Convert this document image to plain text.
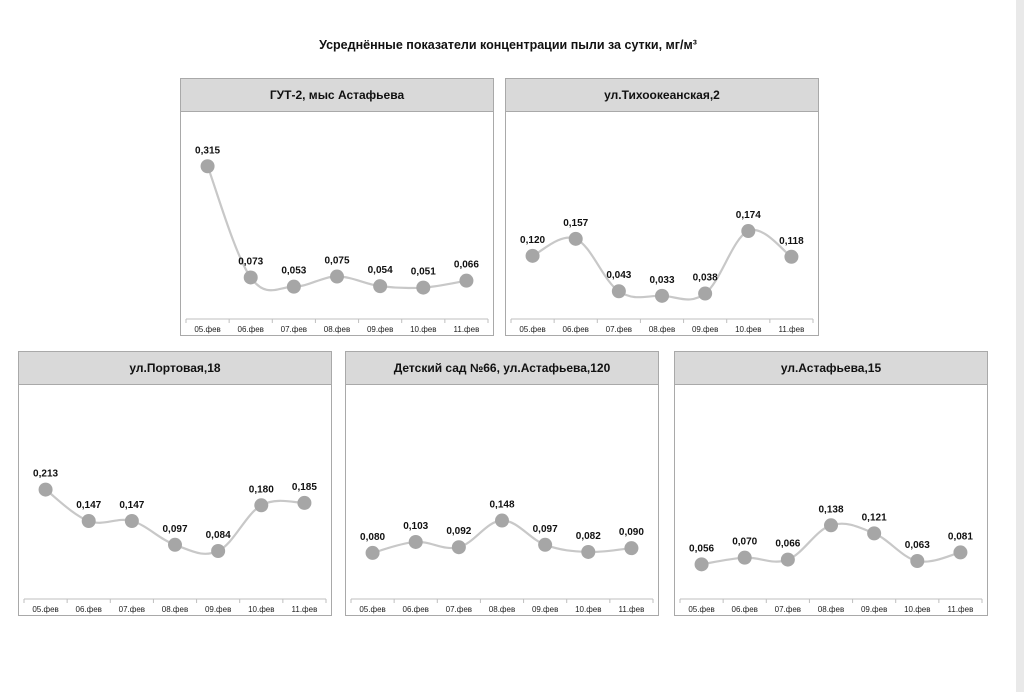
Усреднённые показатели концентрации пыли за сутки, мг/м³
ГУТ-2, мыс Астафьева
0,315
05.фев
0,073
06.фев
0,053
07.фев
0,075
08.фев
0,054
09.фев
0,051
10.фев
0,066
11.фев
ул.Тихоокеанская,2
0,120
05.фев
0,157
06.фев
0,043
07.фев
0,033
08.фев
0,038
09.фев
0,174
10.фев
0,118
11.фев
ул.Портовая,18
0,213
05.фев
0,147
06.фев
0,147
07.фев
0,097
08.фев
0,084
09.фев
0,180
10.фев
0,185
11.фев
Детский сад №66, ул.Астафьева,120
0,080
05.фев
0,103
06.фев
0,092
07.фев
0,148
08.фев
0,097
09.фев
0,082
10.фев
0,090
11.фев
ул.Астафьева,15
0,056
05.фев
0,070
06.фев
0,066
07.фев
0,138
08.фев
0,121
09.фев
0,063
10.фев
0,081
11.фев
